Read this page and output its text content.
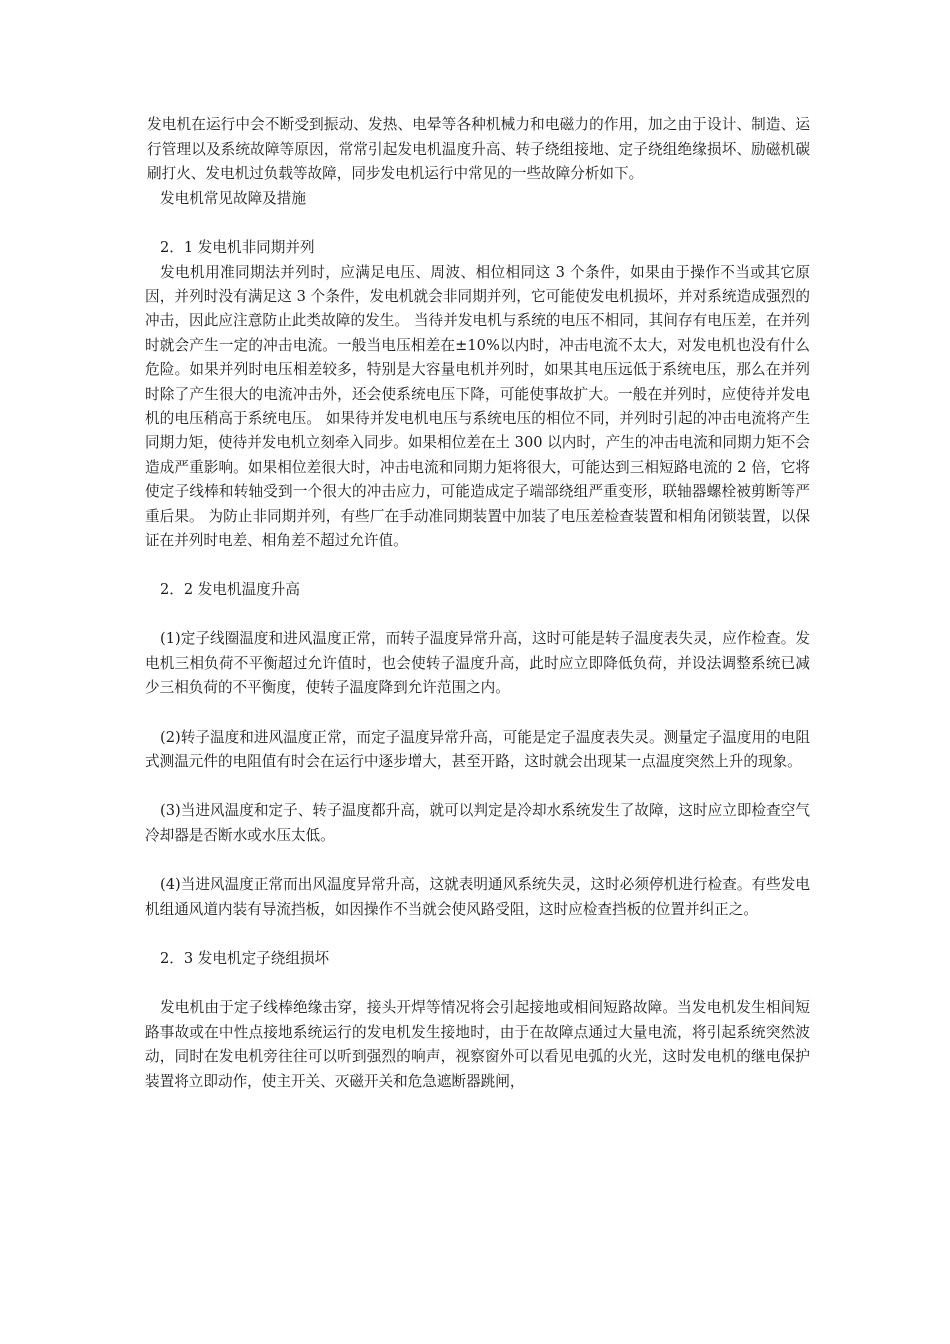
发电机在运行中会不断受到振动、发热、电晕等各种机械力和电磁力的作用，加之由于设计、制造、运行管理以及系统故障等原因，常常引起发电机温度升高、转子绕组接地、定子绕组绝缘损坏、励磁机碳刷打火、发电机过负载等故障，同步发电机运行中常见的一些故障分析如下。

发电机常见故障及措施

2．1 发电机非同期并列

发电机用准同期法并列时，应满足电压、周波、相位相同这 3 个条件，如果由于操作不当或其它原因，并列时没有满足这 3 个条件，发电机就会非同期并列，它可能使发电机损坏，并对系统造成强烈的冲击，因此应注意防止此类故障的发生。 当待并发电机与系统的电压不相同，其间存有电压差，在并列时就会产生一定的冲击电流。一般当电压相差在±10%以内时，冲击电流不太大，对发电机也没有什么危险。如果并列时电压相差较多，特别是大容量电机并列时，如果其电压远低于系统电压，那么在并列时除了产生很大的电流冲击外，还会使系统电压下降，可能使事故扩大。一般在并列时，应使待并发电机的电压稍高于系统电压。 如果待并发电机电压与系统电压的相位不同，并列时引起的冲击电流将产生同期力矩，使待并发电机立刻牵入同步。如果相位差在土 300 以内时，产生的冲击电流和同期力矩不会造成严重影响。如果相位差很大时，冲击电流和同期力矩将很大，可能达到三相短路电流的 2 倍，它将使定子线棒和转轴受到一个很大的冲击应力，可能造成定子端部绕组严重变形，联轴器螺栓被剪断等严重后果。 为防止非同期并列，有些厂在手动准同期装置中加装了电压差检查装置和相角闭锁装置，以保证在并列时电差、相角差不超过允许值。

2．2 发电机温度升高

(1)定子线圈温度和进风温度正常，而转子温度异常升高，这时可能是转子温度表失灵，应作检查。发电机三相负荷不平衡超过允许值时，也会使转子温度升高，此时应立即降低负荷，并设法调整系统已减少三相负荷的不平衡度，使转子温度降到允许范围之内。

(2)转子温度和进风温度正常，而定子温度异常升高，可能是定子温度表失灵。测量定子温度用的电阻式测温元件的电阻值有时会在运行中逐步增大，甚至开路，这时就会出现某一点温度突然上升的现象。

(3)当进风温度和定子、转子温度都升高，就可以判定是冷却水系统发生了故障，这时应立即检查空气冷却器是否断水或水压太低。

(4)当进风温度正常而出风温度异常升高，这就表明通风系统失灵，这时必须停机进行检查。有些发电机组通风道内装有导流挡板，如因操作不当就会使风路受阻，这时应检查挡板的位置并纠正之。

2．3 发电机定子绕组损坏

发电机由于定子线棒绝缘击穿，接头开焊等情况将会引起接地或相间短路故障。当发电机发生相间短路事故或在中性点接地系统运行的发电机发生接地时，由于在故障点通过大量电流，将引起系统突然波动，同时在发电机旁往往可以听到强烈的响声，视察窗外可以看见电弧的火光，这时发电机的继电保护装置将立即动作，使主开关、灭磁开关和危急遮断器跳闸，
